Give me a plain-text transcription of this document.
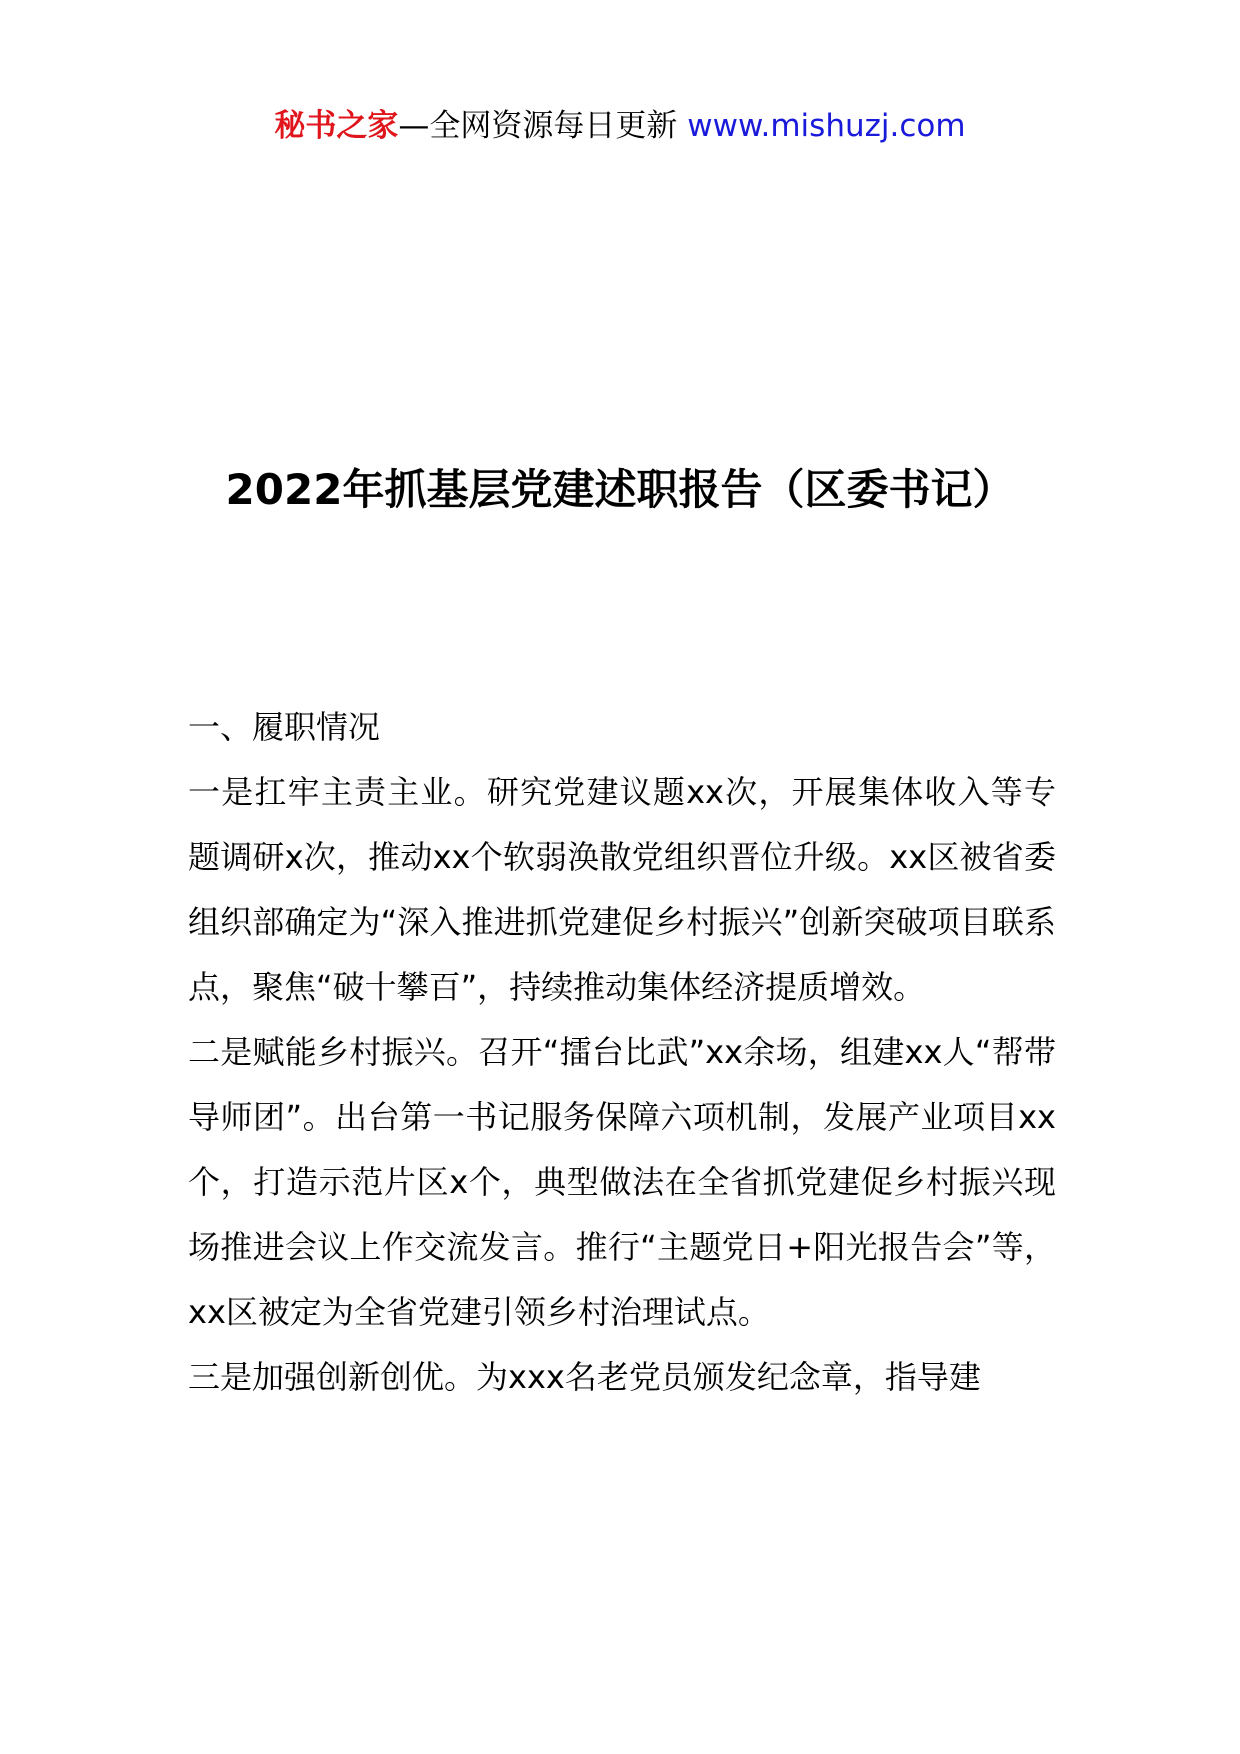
秘书之家—全网资源每日更新 www.mishuzj.com
2022年抓基层党建述职报告（区委书记）

一、履职情况

一是扛牢主责主业。研究党建议题xx次，开展集体收入等专题调研x次，推动xx个软弱涣散党组织晋位升级。xx区被省委组织部确定为“深入推进抓党建促乡村振兴”创新突破项目联系点，聚焦“破十攀百”，持续推动集体经济提质增效。

二是赋能乡村振兴。召开“擂台比武”xx余场，组建xx人“帮带导师团”。出台第一书记服务保障六项机制，发展产业项目xx个，打造示范片区x个，典型做法在全省抓党建促乡村振兴现场推进会议上作交流发言。推行“主题党日+阳光报告会”等，xx区被定为全省党建引领乡村治理试点。

三是加强创新创优。为xxx名老党员颁发纪念章，指导建
